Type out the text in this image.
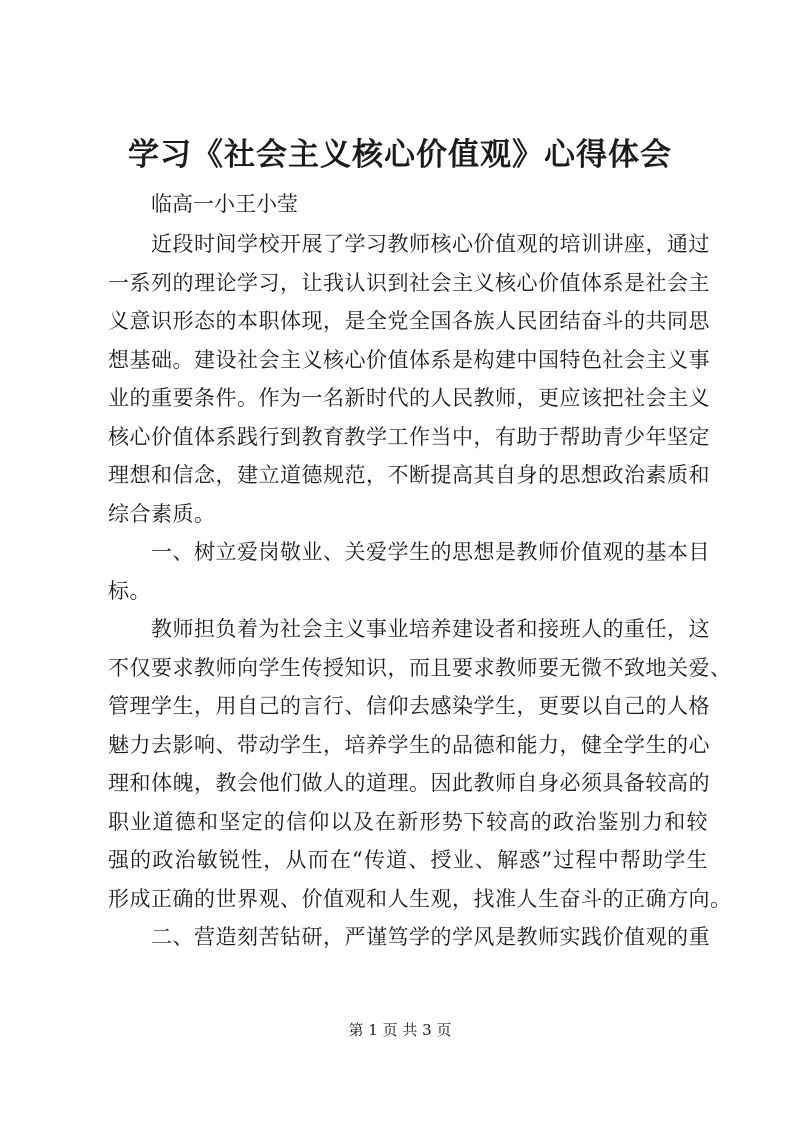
学习《社会主义核心价值观》心得体会
临高一小王小莹
近段时间学校开展了学习教师核心价值观的培训讲座，通过
一系列的理论学习，让我认识到社会主义核心价值体系是社会主
义意识形态的本职体现，是全党全国各族人民团结奋斗的共同思
想基础。建设社会主义核心价值体系是构建中国特色社会主义事
业的重要条件。作为一名新时代的人民教师，更应该把社会主义
核心价值体系践行到教育教学工作当中，有助于帮助青少年坚定
理想和信念，建立道德规范，不断提高其自身的思想政治素质和
综合素质。
一、树立爱岗敬业、关爱学生的思想是教师价值观的基本目
标。
教师担负着为社会主义事业培养建设者和接班人的重任，这
不仅要求教师向学生传授知识，而且要求教师要无微不致地关爱、
管理学生，用自己的言行、信仰去感染学生，更要以自己的人格
魅力去影响、带动学生，培养学生的品德和能力，健全学生的心
理和体魄，教会他们做人的道理。因此教师自身必须具备较高的
职业道德和坚定的信仰以及在新形势下较高的政治鉴别力和较
强的政治敏锐性，从而在“传道、授业、解惑”过程中帮助学生
形成正确的世界观、价值观和人生观，找准人生奋斗的正确方向。
二、营造刻苦钻研，严谨笃学的学风是教师实践价值观的重
第 1 页 共 3 页
